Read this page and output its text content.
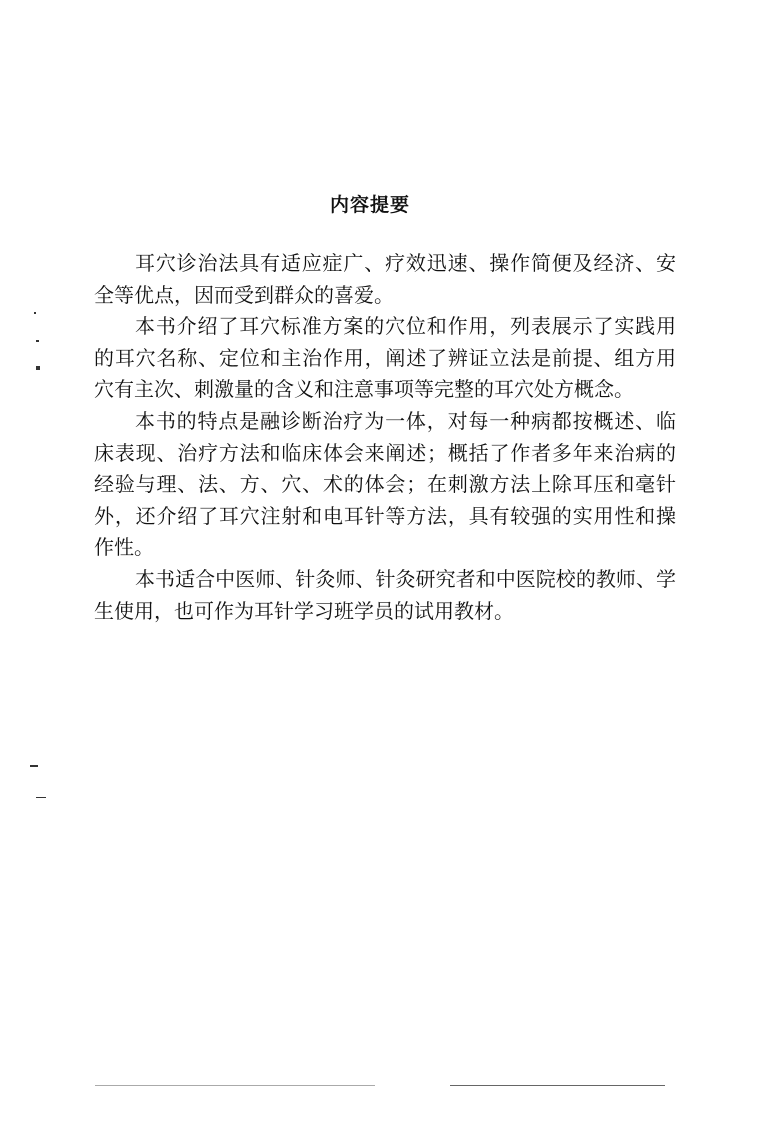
内容提要
耳穴诊治法具有适应症广、疗效迅速、操作简便及经济、安
全等优点，因而受到群众的喜爱。
本书介绍了耳穴标准方案的穴位和作用，列表展示了实践用
的耳穴名称、定位和主治作用，阐述了辨证立法是前提、组方用
穴有主次、刺激量的含义和注意事项等完整的耳穴处方概念。
本书的特点是融诊断治疗为一体，对每一种病都按概述、临
床表现、治疗方法和临床体会来阐述；概括了作者多年来治病的
经验与理、法、方、穴、术的体会；在刺激方法上除耳压和毫针
外，还介绍了耳穴注射和电耳针等方法，具有较强的实用性和操
作性。
本书适合中医师、针灸师、针灸研究者和中医院校的教师、学
生使用，也可作为耳针学习班学员的试用教材。
